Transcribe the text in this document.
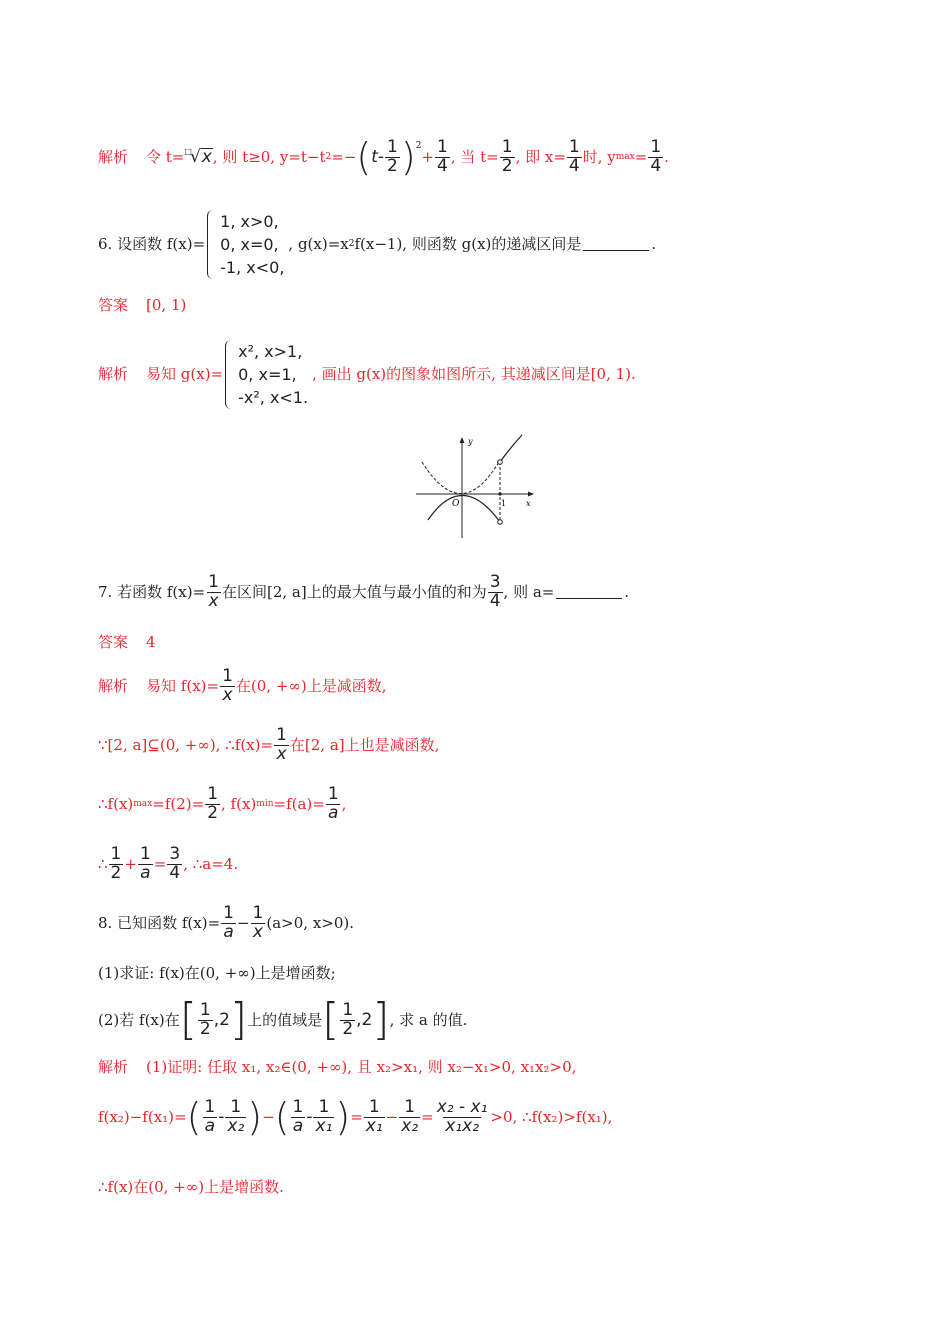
解析 令 t= □
√ x , 则 t≥0, y=t−t 2 =− ( t - $\frac{1}{2} )^2$
+ $\frac{1}{4}$ , 当 $t= \frac{1}{2}$ , 即 $x= \frac{1}{4}$ 时, y $\max = \frac{1}{4}$ .
6. 设函数 f(x)=
1, x>0,
0, x=0,
-1, x<0,
, g(x)=x 2 f(x−1), 则函数 g(x)的递减区间是	.
答案 [0, 1)
解析 易知 g(x)=
x², x>1,
0, x=1,
-x², x<1.
, 画出 g(x)的图象如图所示, 其递减区间是[0, 1).
y
x
O	1
7. 若函数 $f(x)= \frac{1}{x}$ 在区间[2, a]上的最大值与最小值的和为 $\frac{3}{4}$ , 则 a=	.
答案 4
解析 易知 $f(x)= \frac{1}{x}$ 在(0, +∞)上是减函数,
∵[2, a]⊆(0, +∞), ∴f(x)= $\frac{1}{x}$ 在[2, a]上也是减函数,
∴f(x) $\max =f(2)= \frac{1}{2}$ , f(x) $\min =f(a)= \frac{1}{a}$ ,
∴ $\frac{1}{2} + \frac{1}{a} = \frac{3}{4}$ , ∴a=4.
8. 已知函数 $f(x)= \frac{1}{a} - \frac{1}{x} (a>0$, x>0).
(1)求证: f(x)在(0, +∞)上是增函数;
(2)若 f(x)在 [ $\frac{1}{2} ,2$ ] 上的值域是 [ $\frac{1}{2} ,2$ ] , 求 a 的值.
解析 (1)证明: 任取 x₁, x₂∈(0, +∞), 且 x₂>x₁, 则 x₂−x₁>0, x₁x₂>0,
f(x₂)−f(x₁)= ( $\frac{1}{a} - \frac{1}{\text{x₂}}$ ) − ( $\frac{1}{a} - \frac{1}{\text{x₁}}$ ) = $\frac{1}{\text{x₁}} - \frac{1}{\text{x₂}} = \frac{\text{x₂ - x₁}}{\text{x₁x₂}} >0$, ∴f(x₂)>f(x₁),
∴f(x)在(0, +∞)上是增函数.
